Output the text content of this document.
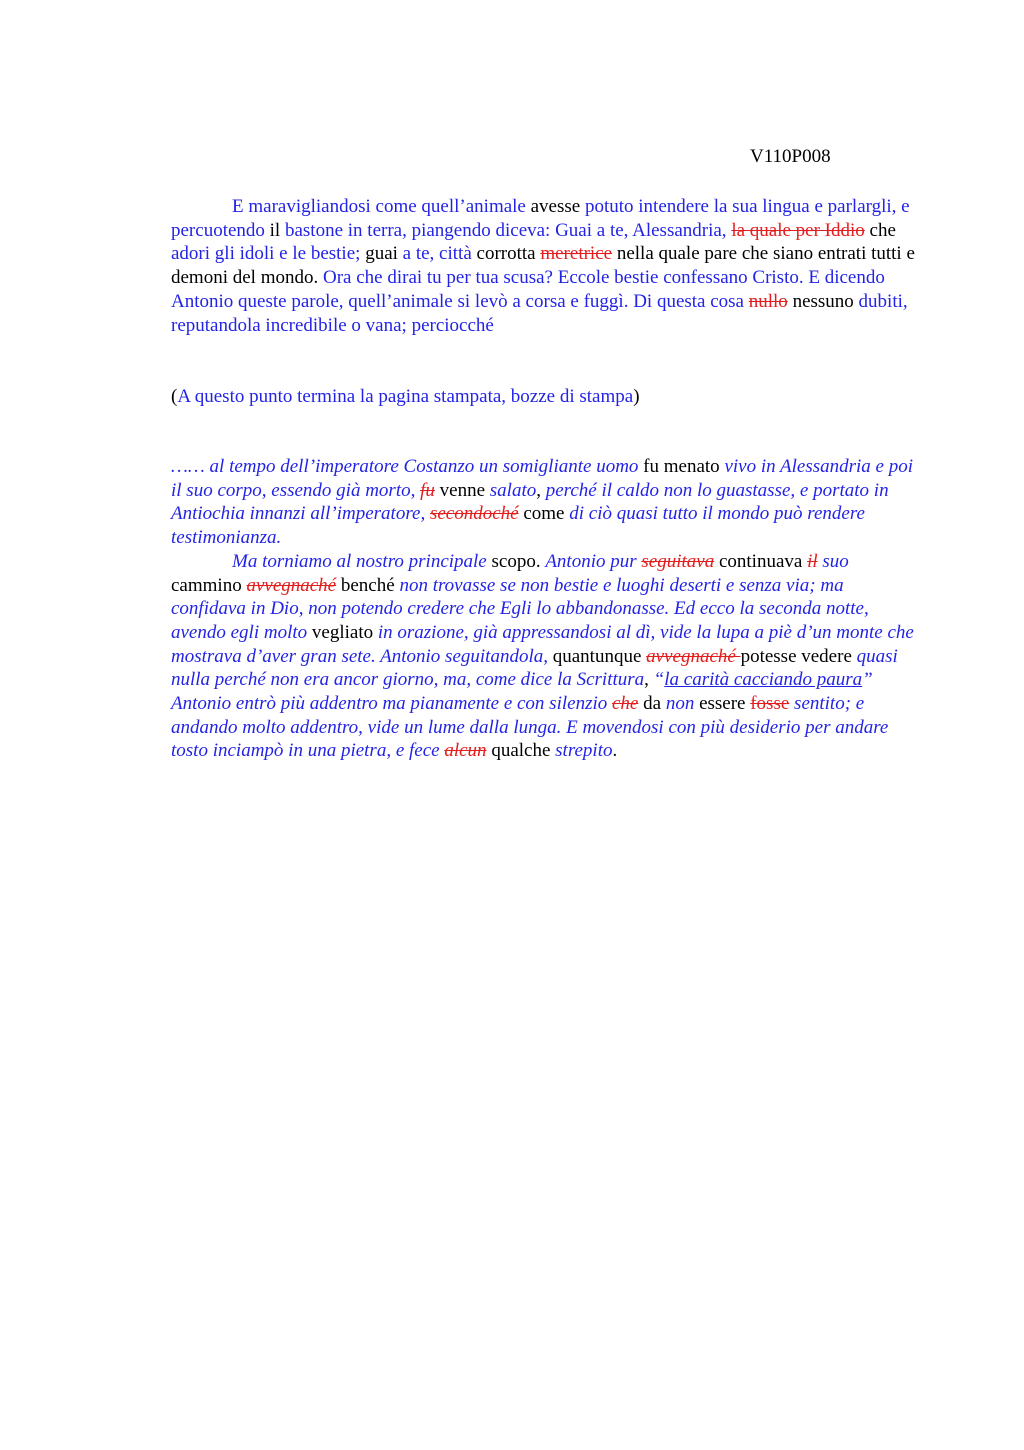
V110P008

E maravigliandosi come quell’animale avesse potuto intendere la sua lingua e parlargli, e percuotendo il bastone in terra, piangendo diceva: Guai a te, Alessandria, la quale per Iddio che adori gli idoli e le bestie; guai a te, città corrotta meretrice nella quale pare che siano entrati tutti e demoni del mondo. Ora che dirai tu per tua scusa? Eccole bestie confessano Cristo. E dicendo Antonio queste parole, quell’animale si levò a corsa e fuggì. Di questa cosa nullo nessuno dubiti, reputandola incredibile o vana; perciocché

(A questo punto termina la pagina stampata, bozze di stampa)

…… al tempo dell’imperatore Costanzo un somigliante uomo fu menato vivo in Alessandria e poi il suo corpo, essendo già morto, fu venne salato, perché il caldo non lo guastasse, e portato in Antiochia innanzi all’imperatore, secondoché come di ciò quasi tutto il mondo può rendere testimonianza.

Ma torniamo al nostro principale scopo. Antonio pur seguitava continuava il suo cammino avvegnaché benché non trovasse se non bestie e luoghi deserti e senza via; ma confidava in Dio, non potendo credere che Egli lo abbandonasse. Ed ecco la seconda notte, avendo egli molto vegliato in orazione, già appressandosi al dì, vide la lupa a piè d’un monte che mostrava d’aver gran sete. Antonio seguitandola, quantunque avvegnaché potesse vedere quasi nulla perché non era ancor giorno, ma, come dice la Scrittura, “la carità cacciando paura” Antonio entrò più addentro ma pianamente e con silenzio che da non essere fosse sentito; e andando molto addentro, vide un lume dalla lunga. E movendosi con più desiderio per andare tosto inciampò in una pietra, e fece alcun qualche strepito.
